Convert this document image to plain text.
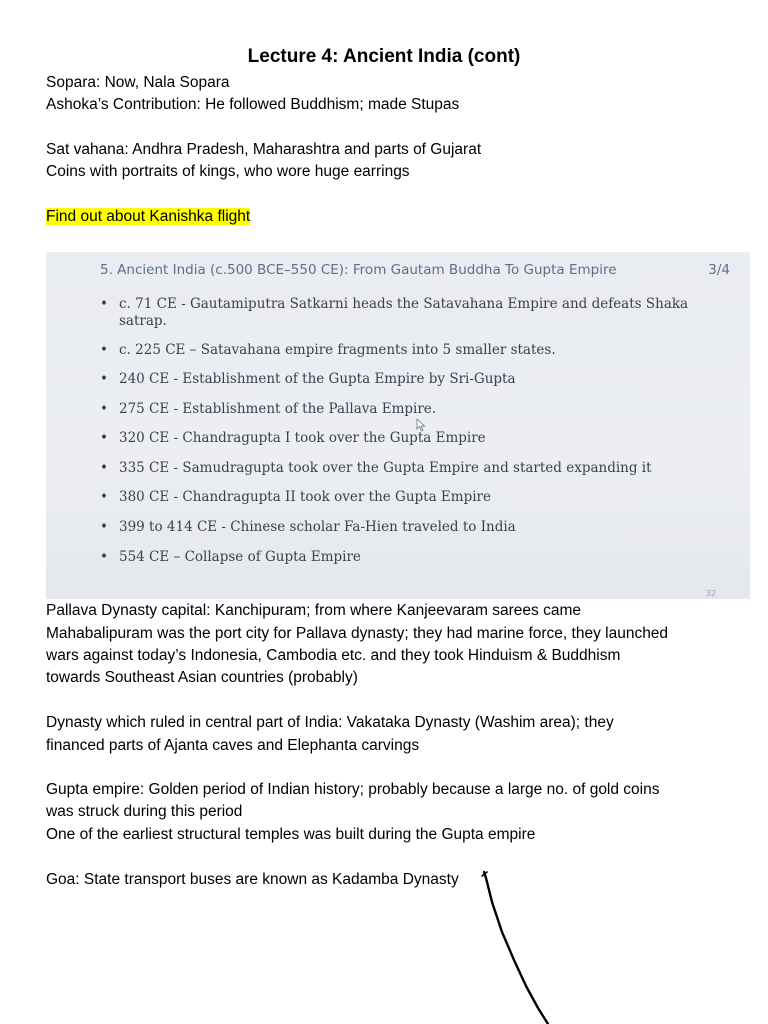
Lecture 4: Ancient India (cont)
Sopara: Now, Nala Sopara
Ashoka’s Contribution: He followed Buddhism; made Stupas
Sat vahana: Andhra Pradesh, Maharashtra and parts of Gujarat
Coins with portraits of kings, who wore huge earrings
Find out about Kanishka flight
5. Ancient India (c.500 BCE–550 CE): From Gautam Buddha To Gupta Empire	3/4
• c. 71 CE - Gautamiputra Satkarni heads the Satavahana Empire and defeats Shaka satrap.
• c. 225 CE – Satavahana empire fragments into 5 smaller states.
• 240 CE - Establishment of the Gupta Empire by Sri-Gupta
• 275 CE - Establishment of the Pallava Empire.
• 320 CE - Chandragupta I took over the Gupta Empire
• 335 CE - Samudragupta took over the Gupta Empire and started expanding it
• 380 CE - Chandragupta II took over the Gupta Empire
• 399 to 414 CE - Chinese scholar Fa-Hien traveled to India
• 554 CE – Collapse of Gupta Empire
32
Pallava Dynasty capital: Kanchipuram; from where Kanjeevaram sarees came
Mahabalipuram was the port city for Pallava dynasty; they had marine force, they launched
wars against today’s Indonesia, Cambodia etc. and they took Hinduism & Buddhism
towards Southeast Asian countries (probably)
Dynasty which ruled in central part of India: Vakataka Dynasty (Washim area); they
financed parts of Ajanta caves and Elephanta carvings
Gupta empire: Golden period of Indian history; probably because a large no. of gold coins
was struck during this period
One of the earliest structural temples was built during the Gupta empire
Goa: State transport buses are known as Kadamba Dynasty
